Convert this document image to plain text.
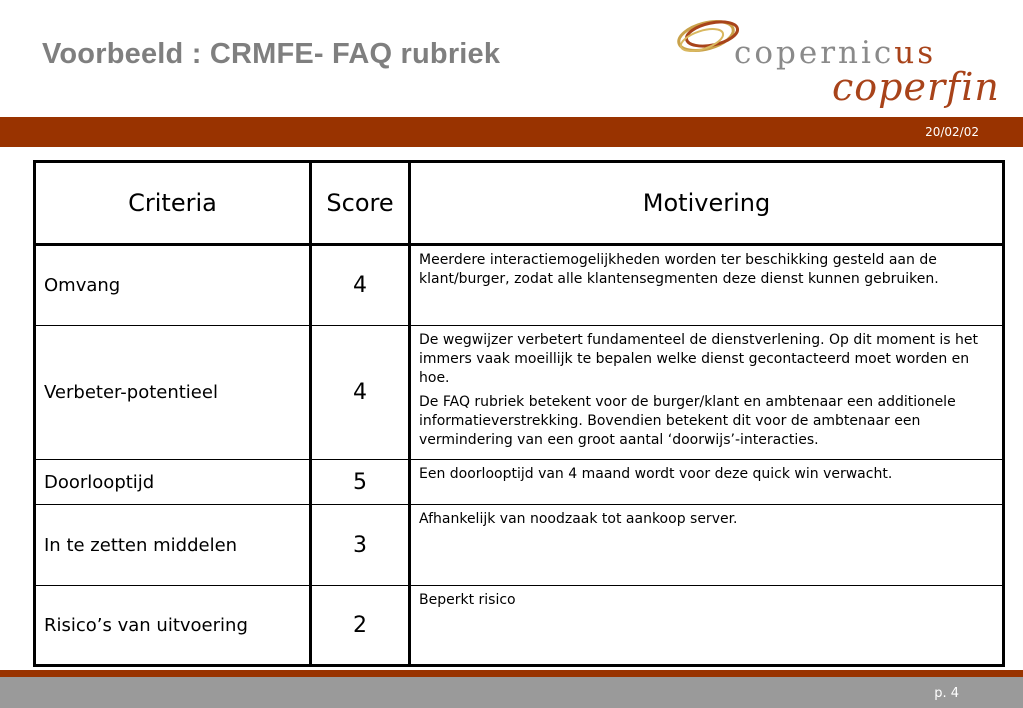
Voorbeeld : CRMFE- FAQ rubriek	copernicus
coperfin
20/02/02
Criteria	Score	Motivering
Omvang	4	Meerdere interactiemogelijkheden worden ter beschikking gesteld aan de klant/burger, zodat alle klantensegmenten deze dienst kunnen gebruiken.

Verbeter-potentieel	4	De wegwijzer verbetert fundamenteel de dienstverlening. Op dit moment is het immers vaak moeillijk te bepalen welke dienst gecontacteerd moet worden en hoe.

De FAQ rubriek betekent voor de burger/klant en ambtenaar een additionele informatieverstrekking. Bovendien betekent dit voor de ambtenaar een vermindering van een groot aantal ‘doorwijs’-interacties.

Doorlooptijd	5	Een doorlooptijd van 4 maand wordt voor deze quick win verwacht.

In te zetten middelen	3	Afhankelijk van noodzaak tot aankoop server.

Risico’s van uitvoering	2	Beperkt risico

p. 4
